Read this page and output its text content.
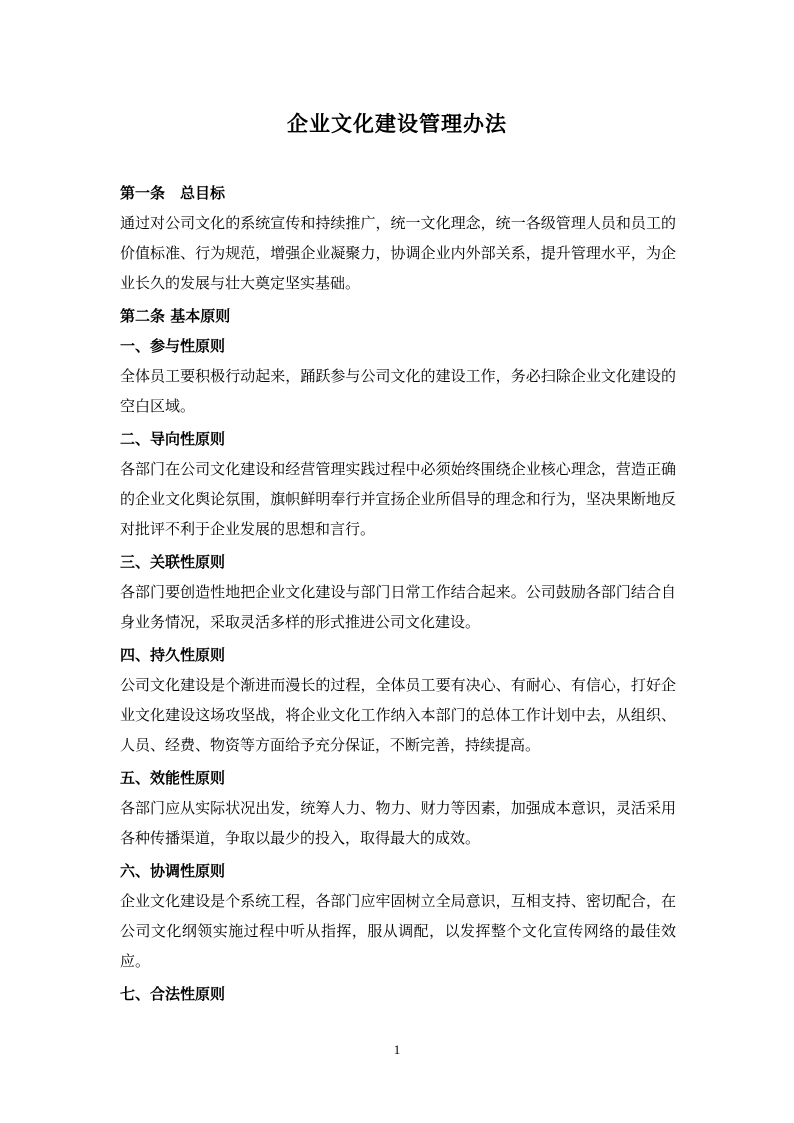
企业文化建设管理办法

第一条　总目标

通过对公司文化的系统宣传和持续推广，统一文化理念，统一各级管理人员和员工的价值标准、行为规范，增强企业凝聚力，协调企业内外部关系，提升管理水平，为企业长久的发展与壮大奠定坚实基础。

第二条 基本原则

一、参与性原则

全体员工要积极行动起来，踊跃参与公司文化的建设工作，务必扫除企业文化建设的空白区域。

二、导向性原则

各部门在公司文化建设和经营管理实践过程中必须始终围绕企业核心理念，营造正确的企业文化舆论氛围，旗帜鲜明奉行并宣扬企业所倡导的理念和行为，坚决果断地反对批评不利于企业发展的思想和言行。

三、关联性原则

各部门要创造性地把企业文化建设与部门日常工作结合起来。公司鼓励各部门结合自身业务情况，采取灵活多样的形式推进公司文化建设。

四、持久性原则

公司文化建设是个渐进而漫长的过程，全体员工要有决心、有耐心、有信心，打好企业文化建设这场攻坚战，将企业文化工作纳入本部门的总体工作计划中去，从组织、人员、经费、物资等方面给予充分保证，不断完善，持续提高。

五、效能性原则

各部门应从实际状况出发，统筹人力、物力、财力等因素，加强成本意识，灵活采用各种传播渠道，争取以最少的投入，取得最大的成效。

六、协调性原则

企业文化建设是个系统工程，各部门应牢固树立全局意识，互相支持、密切配合，在公司文化纲领实施过程中听从指挥，服从调配，以发挥整个文化宣传网络的最佳效应。

七、合法性原则

1
